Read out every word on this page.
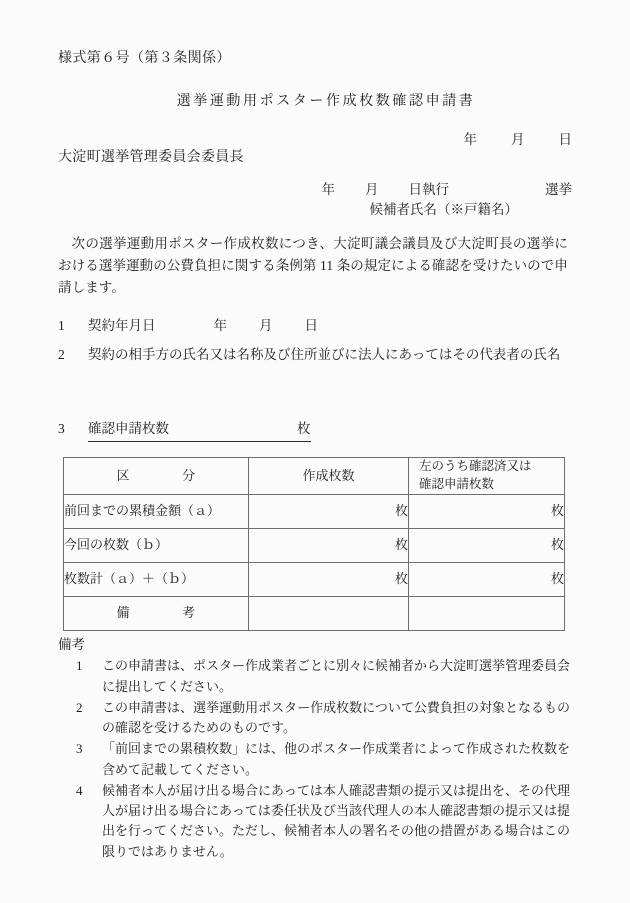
様式第６号（第３条関係）
選挙運動用ポスター作成枚数確認申請書
年	月	日
大淀町選挙管理委員会委員長
年 月 日執行	選挙
候補者氏名（※戸籍名）
次の選挙運動用ポスター作成枚数につき、大淀町議会議員及び大淀町長の選挙における選挙運動の公費負担に関する条例第 11 条の規定による確認を受けたいので申請します。
1 契約年月日	年 月 日
2 契約の相手方の氏名又は名称及び住所並びに法人にあってはその代表者の氏名
3 確認申請枚数	枚
区 分	作成枚数	左のうち確認済又は
確認申請枚数

前回までの累積金額（ａ）	枚	枚
今回の枚数（ｂ）	枚	枚
枚数計（ａ）＋（ｂ）	枚	枚
備 考		
備考
1	この申請書は、ポスター作成業者ごとに別々に候補者から大淀町選挙管理委員会に提出してください。
2	この申請書は、選挙運動用ポスター作成枚数について公費負担の対象となるものの確認を受けるためのものです。
3	「前回までの累積枚数」には、他のポスター作成業者によって作成された枚数を含めて記載してください。
4	候補者本人が届け出る場合にあっては本人確認書類の提示又は提出を、その代理人が届け出る場合にあっては委任状及び当該代理人の本人確認書類の提示又は提出を行ってください。ただし、候補者本人の署名その他の措置がある場合はこの限りではありません。
